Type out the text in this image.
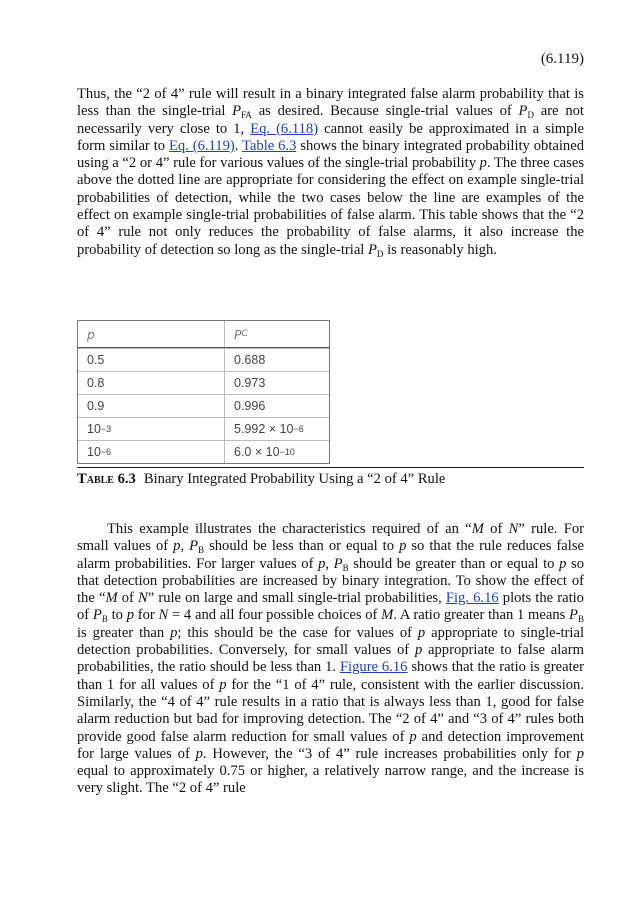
(6.119)

Thus, the “2 of 4” rule will result in a binary integrated false alarm probability that is less than the single-trial $P_{FA}$ as desired. Because single-trial values of $P_D$ are not necessarily very close to 1, Eq. (6.118) cannot easily be approximated in a simple form similar to Eq. (6.119). Table 6.3 shows the binary integrated probability obtained using a “2 or 4” rule for various values of the single-trial probability p. The three cases above the dotted line are appropriate for considering the effect on example single-trial probabilities of detection, while the two cases below the line are examples of the effect on example single-trial probabilities of false alarm. This table shows that the “2 of 4” rule not only reduces the probability of false alarms, it also increase the probability of detection so long as the single-trial $P_D$ is reasonably high.

p	P C
0.5	0.688
0.8	0.973
0.9	0.996
10 −3	5.992 × 10 −6
10 −6	6.0 × 10 −10
Table 6.3 Binary Integrated Probability Using a “2 of 4” Rule

This example illustrates the characteristics required of an “M of N” rule. For small values of p, $P_B$ should be less than or equal to p so that the rule reduces false alarm probabilities. For larger values of p, $P_B$ should be greater than or equal to p so that detection probabilities are increased by binary integration. To show the effect of the “M of N” rule on large and small single-trial probabilities, Fig. 6.16 plots the ratio of $P_B$ to p for N = 4 and all four possible choices of M. A ratio greater than 1 means $P_B$ is greater than p; this should be the case for values of p appropriate to single-trial detection probabilities. Conversely, for small values of p appropriate to false alarm probabilities, the ratio should be less than 1. Figure 6.16 shows that the ratio is greater than 1 for all values of p for the “1 of 4” rule, consistent with the earlier discussion. Similarly, the “4 of 4” rule results in a ratio that is always less than 1, good for false alarm reduction but bad for improving detection. The “2 of 4” and “3 of 4” rules both provide good false alarm reduction for small values of p and detection improvement for large values of p. However, the “3 of 4” rule increases probabilities only for p equal to approximately 0.75 or higher, a relatively narrow range, and the increase is very slight. The “2 of 4” rule
